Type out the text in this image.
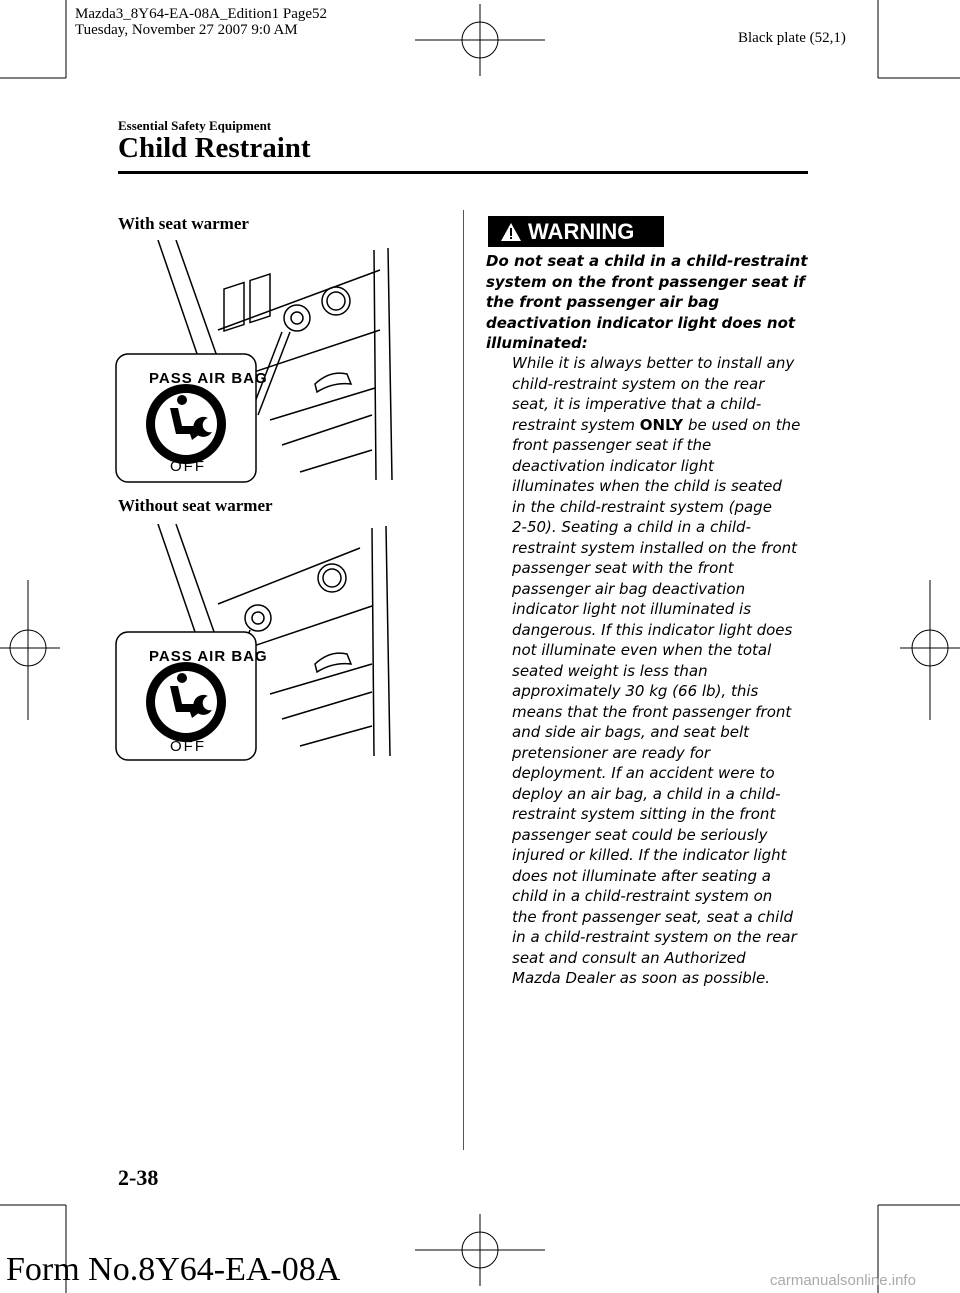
Mazda3_8Y64-EA-08A_Edition1 Page52
Tuesday, November 27 2007 9:0 AM	Black plate (52,1)
Essential Safety Equipment
Child Restraint
With seat warmer
PASS AIR BAG
OFF
Without seat warmer
PASS AIR BAG
OFF
WARNING
Do not seat a child in a child-restraint
system on the front passenger seat if
the front passenger air bag
deactivation indicator light does not
illuminated:
While it is always better to install any
child-restraint system on the rear
seat, it is imperative that a child-
restraint system ONLY be used on the
front passenger seat if the
deactivation indicator light
illuminates when the child is seated
in the child-restraint system (page
2-50). Seating a child in a child-
restraint system installed on the front
passenger seat with the front
passenger air bag deactivation
indicator light not illuminated is
dangerous. If this indicator light does
not illuminate even when the total
seated weight is less than
approximately 30 kg (66 lb), this
means that the front passenger front
and side air bags, and seat belt
pretensioner are ready for
deployment. If an accident were to
deploy an air bag, a child in a child-
restraint system sitting in the front
passenger seat could be seriously
injured or killed. If the indicator light
does not illuminate after seating a
child in a child-restraint system on
the front passenger seat, seat a child
in a child-restraint system on the rear
seat and consult an Authorized
Mazda Dealer as soon as possible.
2-38
Form No.8Y64-EA-08A	carmanualsonline.info
